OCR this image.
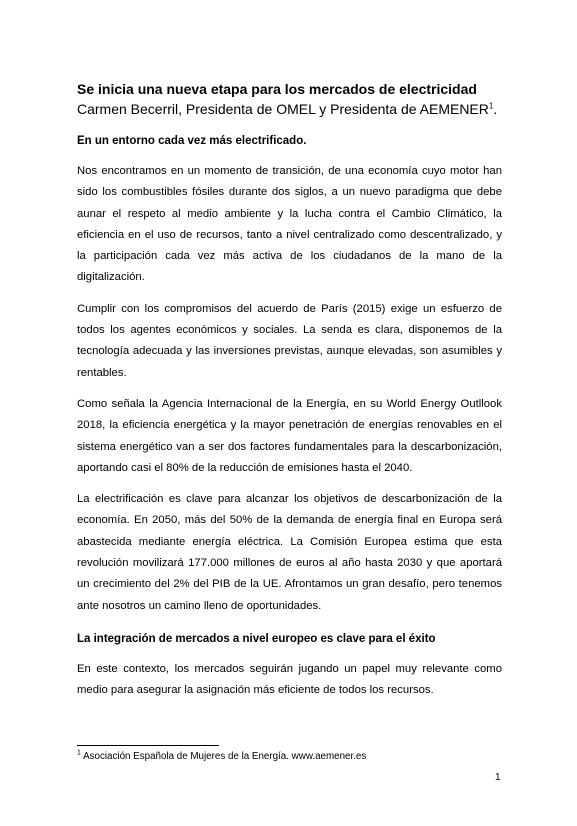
Se inicia una nueva etapa para los mercados de electricidad
Carmen Becerril, Presidenta de OMEL y Presidenta de AEMENER$^1$.
En un entorno cada vez más electrificado.

Nos encontramos en un momento de transición, de una economía cuyo motor han sido los combustibles fósiles durante dos siglos, a un nuevo paradigma que debe aunar el respeto al medio ambiente y la lucha contra el Cambio Climático, la eficiencia en el uso de recursos, tanto a nivel centralizado como descentralizado, y la participación cada vez más activa de los ciudadanos de la mano de la digitalización.

Cumplir con los compromisos del acuerdo de París (2015) exige un esfuerzo de todos los agentes económicos y sociales. La senda es clara, disponemos de la tecnología adecuada y las inversiones previstas, aunque elevadas, son asumibles y rentables.

Como señala la Agencia Internacional de la Energía, en su World Energy Outllook 2018, la eficiencia energética y la mayor penetración de energías renovables en el sistema energético van a ser dos factores fundamentales para la descarbonización, aportando casi el 80% de la reducción de emisiones hasta el 2040.

La electrificación es clave para alcanzar los objetivos de descarbonización de la economía. En 2050, más del 50% de la demanda de energía final en Europa será abastecida mediante energía eléctrica. La Comisión Europea estima que esta revolución movilizará 177.000 millones de euros al año hasta 2030 y que aportará un crecimiento del 2% del PIB de la UE. Afrontamos un gran desafío, pero tenemos ante nosotros un camino lleno de oportunidades.

La integración de mercados a nivel europeo es clave para el éxito

En este contexto, los mercados seguirán jugando un papel muy relevante como medio para asegurar la asignación más eficiente de todos los recursos.

$^1$ Asociación Española de Mujeres de la Energía. www.aemener.es
1
